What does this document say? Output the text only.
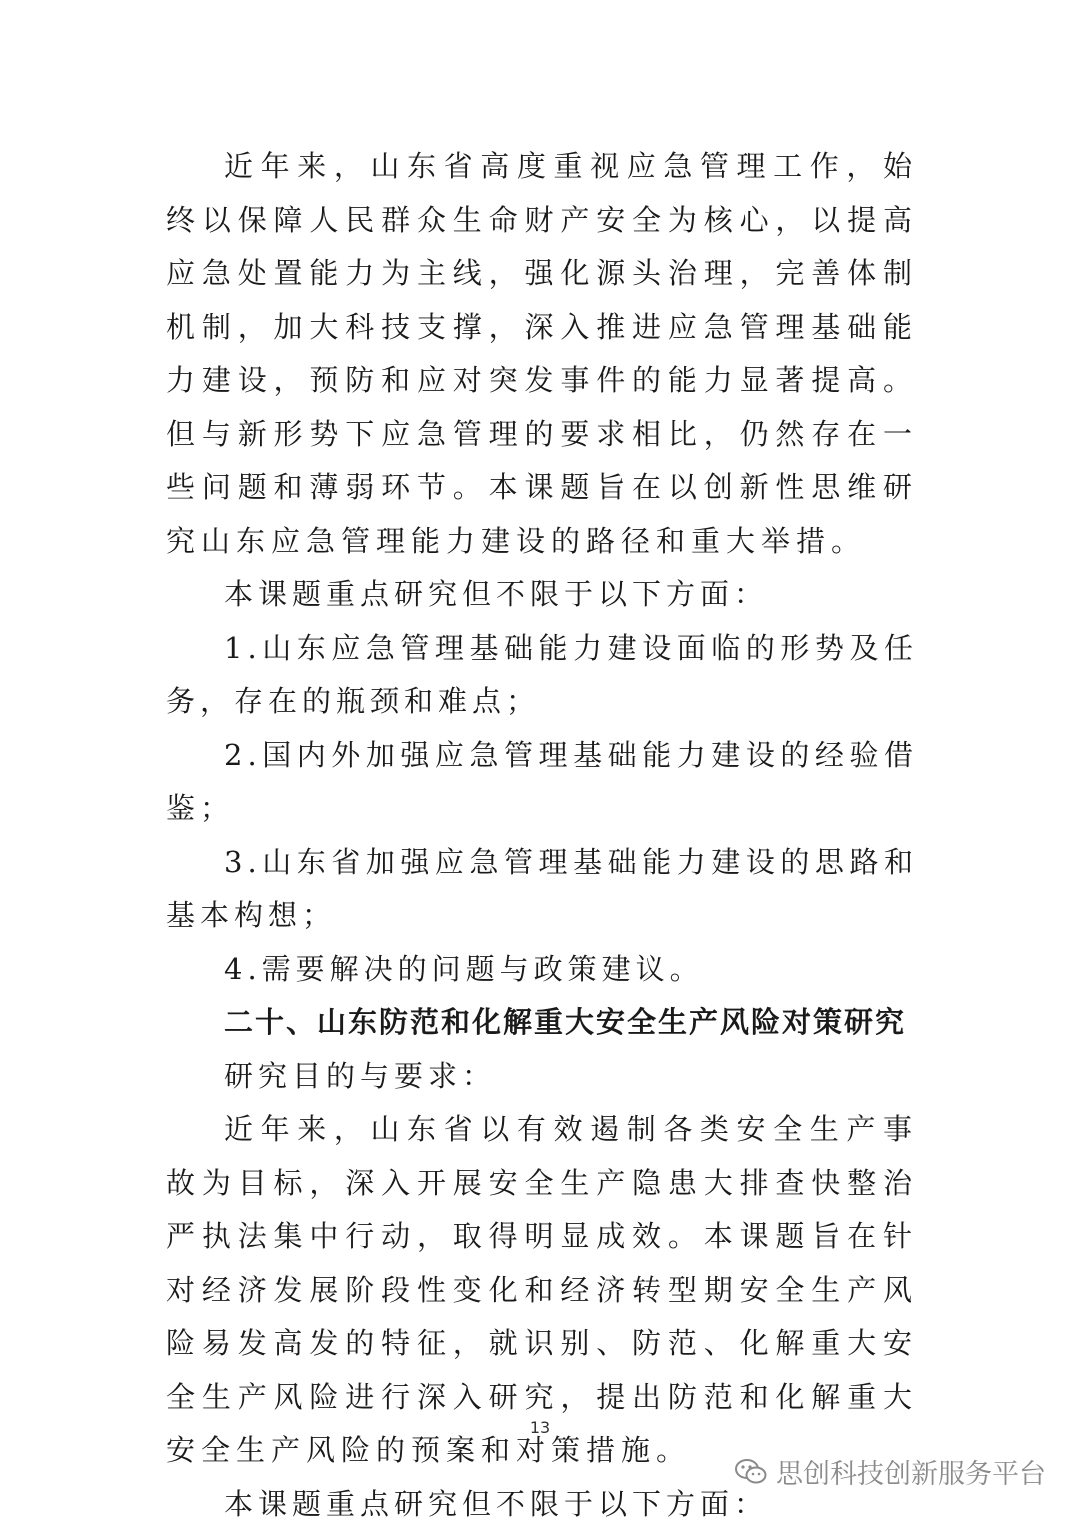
近年来，山东省高度重视应急管理工作，始终以保障人民群众生命财产安全为核心，以提高应急处置能力为主线，强化源头治理，完善体制机制，加大科技支撑，深入推进应急管理基础能力建设，预防和应对突发事件的能力显著提高。但与新形势下应急管理的要求相比，仍然存在一些问题和薄弱环节。本课题旨在以创新性思维研究山东应急管理能力建设的路径和重大举措。

本课题重点研究但不限于以下方面：

1.山东应急管理基础能力建设面临的形势及任务，存在的瓶颈和难点；

2.国内外加强应急管理基础能力建设的经验借鉴；

3.山东省加强应急管理基础能力建设的思路和基本构想；

4.需要解决的问题与政策建议。

二十、山东防范和化解重大安全生产风险对策研究

研究目的与要求：

近年来，山东省以有效遏制各类安全生产事故为目标，深入开展安全生产隐患大排查快整治严执法集中行动，取得明显成效。本课题旨在针对经济发展阶段性变化和经济转型期安全生产风险易发高发的特征，就识别、防范、化解重大安全生产风险进行深入研究，提出防范和化解重大安全生产风险的预案和对策措施。

本课题重点研究但不限于以下方面：

13
思创科技创新服务平台
